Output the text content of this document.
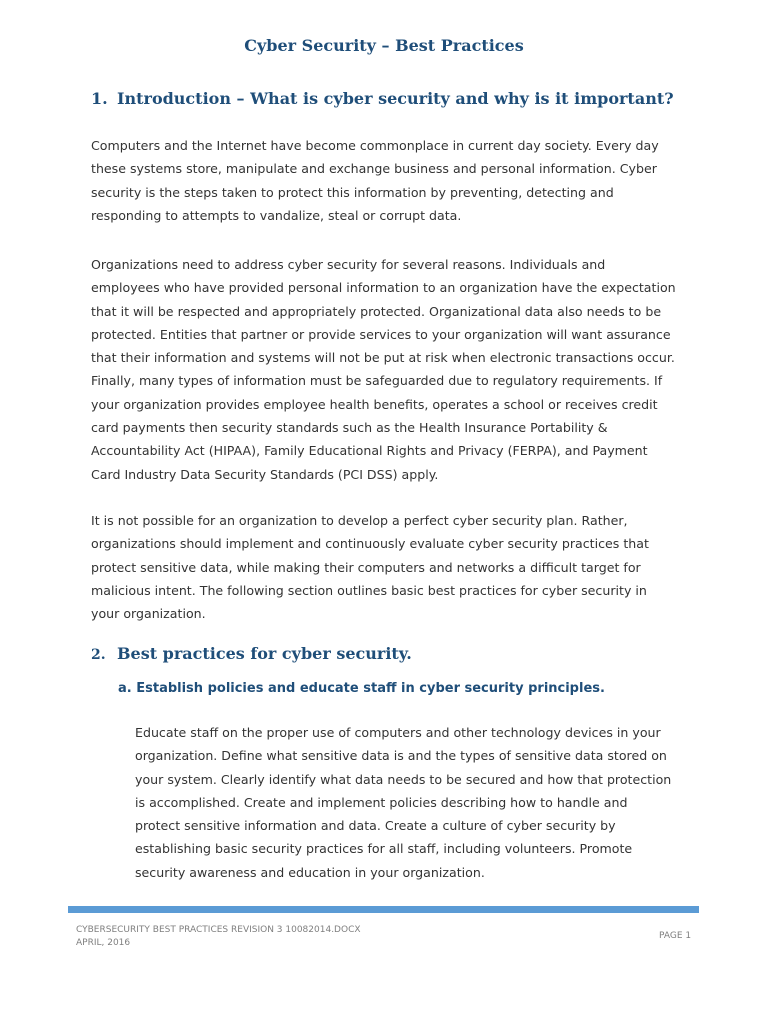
Cyber Security – Best Practices
1. Introduction – What is cyber security and why is it important?
Computers and the Internet have become commonplace in current day society. Every day
these systems store, manipulate and exchange business and personal information. Cyber
security is the steps taken to protect this information by preventing, detecting and
responding to attempts to vandalize, steal or corrupt data.
Organizations need to address cyber security for several reasons. Individuals and
employees who have provided personal information to an organization have the expectation
that it will be respected and appropriately protected. Organizational data also needs to be
protected. Entities that partner or provide services to your organization will want assurance
that their information and systems will not be put at risk when electronic transactions occur.
Finally, many types of information must be safeguarded due to regulatory requirements. If
your organization provides employee health benefits, operates a school or receives credit
card payments then security standards such as the Health Insurance Portability &
Accountability Act (HIPAA), Family Educational Rights and Privacy (FERPA), and Payment
Card Industry Data Security Standards (PCI DSS) apply.
It is not possible for an organization to develop a perfect cyber security plan. Rather,
organizations should implement and continuously evaluate cyber security practices that
protect sensitive data, while making their computers and networks a difficult target for
malicious intent. The following section outlines basic best practices for cyber security in
your organization.
2. Best practices for cyber security.
a. Establish policies and educate staff in cyber security principles.
Educate staff on the proper use of computers and other technology devices in your
organization. Define what sensitive data is and the types of sensitive data stored on
your system. Clearly identify what data needs to be secured and how that protection
is accomplished. Create and implement policies describing how to handle and
protect sensitive information and data. Create a culture of cyber security by
establishing basic security practices for all staff, including volunteers. Promote
security awareness and education in your organization.
CYBERSECURITY BEST PRACTICES REVISION 3 10082014.DOCX
APRIL, 2016
PAGE 1
